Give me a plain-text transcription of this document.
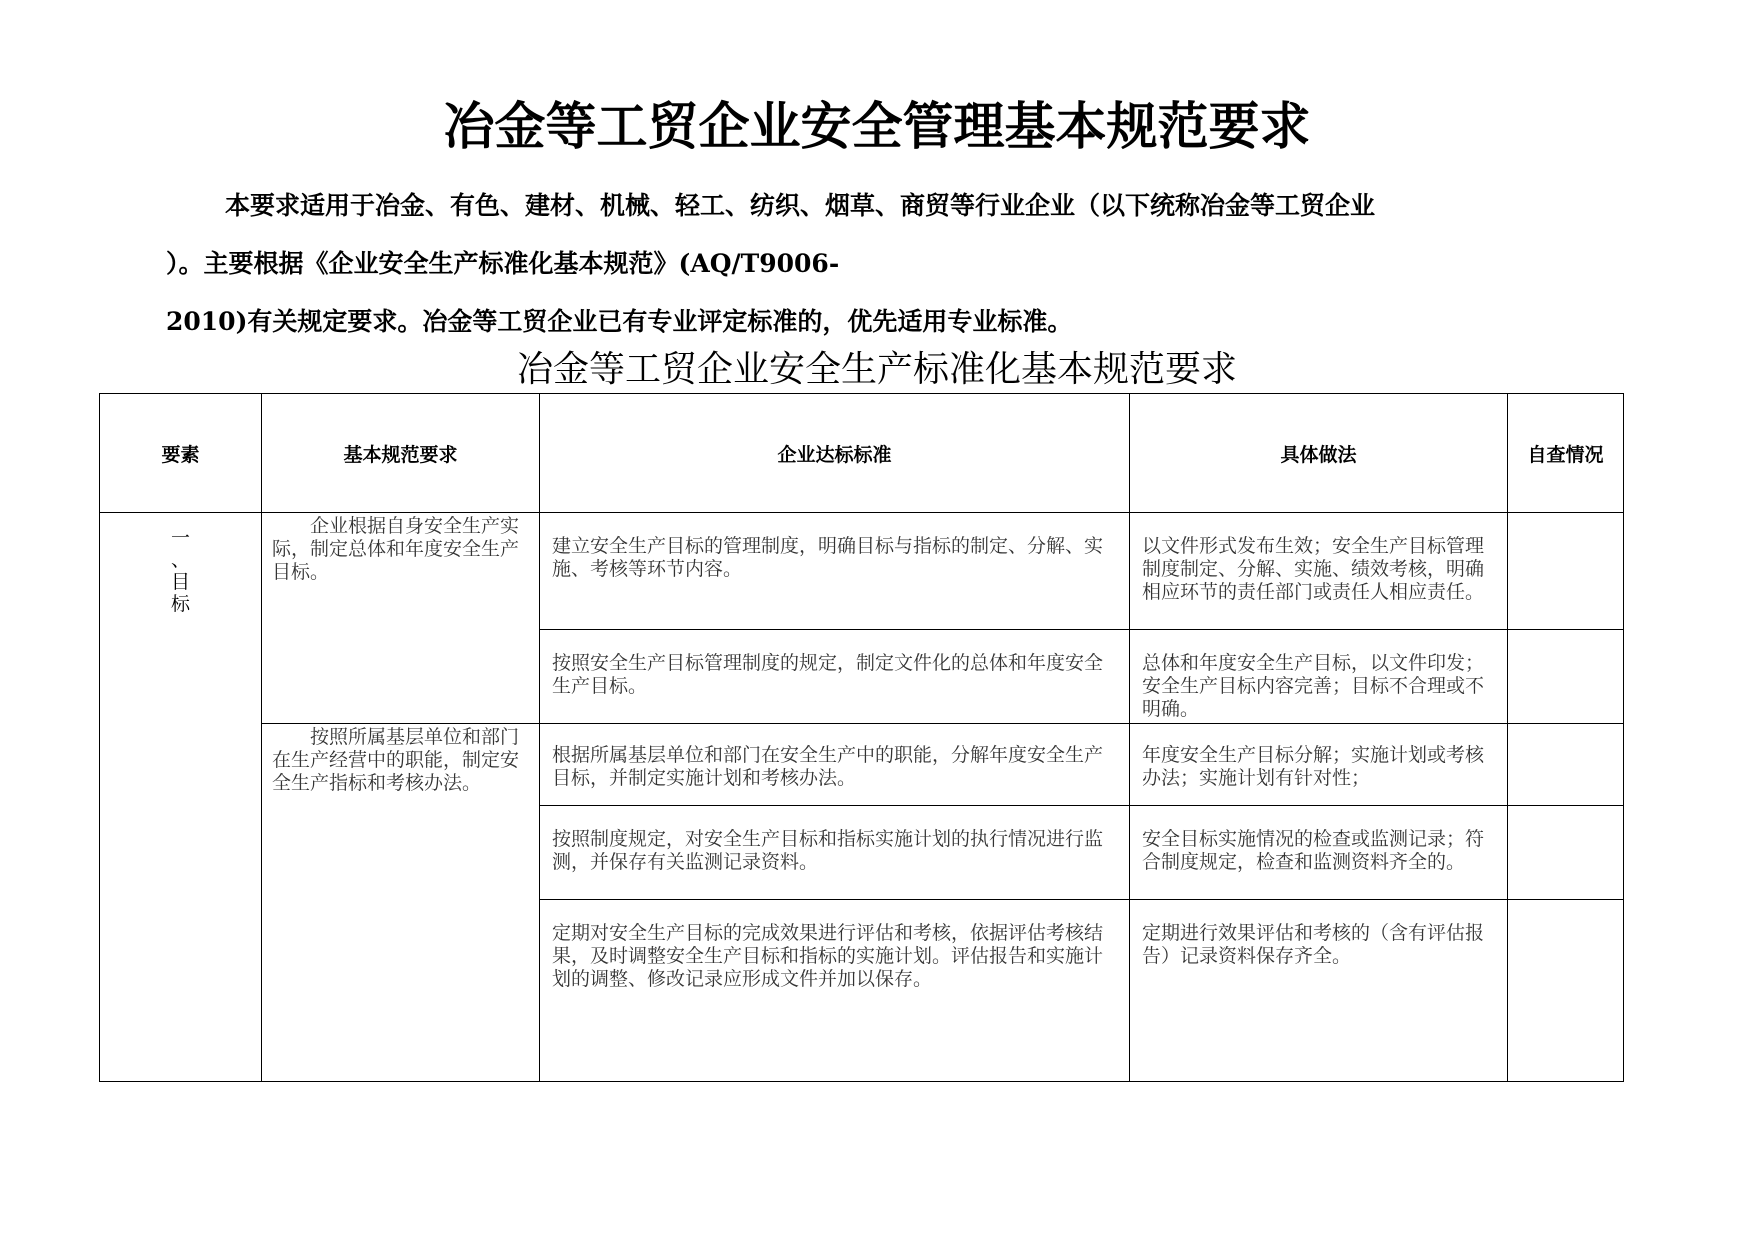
冶金等工贸企业安全管理基本规范要求
本要求适用于冶金、有色、建材、机械、轻工、纺织、烟草、商贸等行业企业（以下统称冶金等工贸企业
）。主要根据《企业安全生产标准化基本规范》(AQ/T9006-
2010)有关规定要求。冶金等工贸企业已有专业评定标准的，优先适用专业标准。
冶金等工贸企业安全生产标准化基本规范要求
要素	基本规范要求	企业达标标准	具体做法	自查情况

一
、
目
标	企业根据自身安全生产实际，制定总体和年度安全生产目标。	建立安全生产目标的管理制度，明确目标与指标的制定、分解、实施、考核等环节内容。	以文件形式发布生效；安全生产目标管理制度制定、分解、实施、绩效考核，明确相应环节的责任部门或责任人相应责任。	

		按照安全生产目标管理制度的规定，制定文件化的总体和年度安全生产目标。	总体和年度安全生产目标，以文件印发；安全生产目标内容完善；目标不合理或不明确。	

	按照所属基层单位和部门在生产经营中的职能，制定安全生产指标和考核办法。	根据所属基层单位和部门在安全生产中的职能，分解年度安全生产目标，并制定实施计划和考核办法。	年度安全生产目标分解；实施计划或考核办法；实施计划有针对性；	

		按照制度规定，对安全生产目标和指标实施计划的执行情况进行监测，并保存有关监测记录资料。	安全目标实施情况的检查或监测记录；符合制度规定，检查和监测资料齐全的。	

		定期对安全生产目标的完成效果进行评估和考核，依据评估考核结果，及时调整安全生产目标和指标的实施计划。评估报告和实施计划的调整、修改记录应形成文件并加以保存。	定期进行效果评估和考核的（含有评估报告）记录资料保存齐全。	
